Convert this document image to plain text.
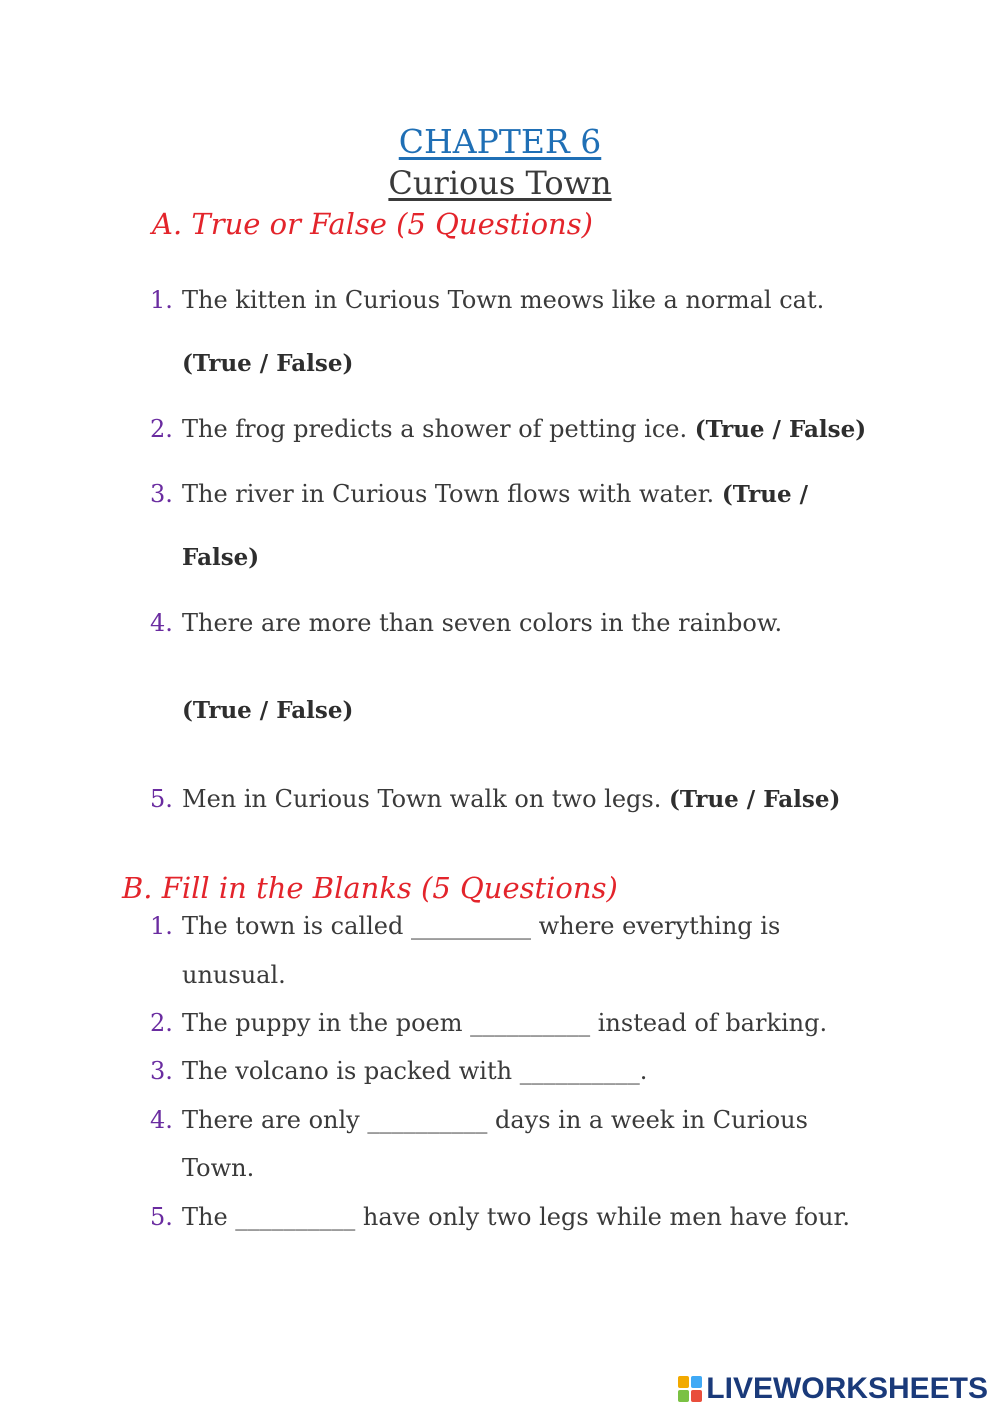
CHAPTER 6
Curious Town
A. True or False (5 Questions)
1. The kitten in Curious Town meows like a normal cat.
(True / False)
2. The frog predicts a shower of petting ice. (True / False)
3. The river in Curious Town flows with water. (True /
False)
4. There are more than seven colors in the rainbow.
(True / False)
5. Men in Curious Town walk on two legs. (True / False)
B. Fill in the Blanks (5 Questions)
1. The town is called __________ where everything is
unusual.
2. The puppy in the poem __________ instead of barking.
3. The volcano is packed with __________.
4. There are only __________ days in a week in Curious
Town.
5. The __________ have only two legs while men have four.
LIVEWORKSHEETS
